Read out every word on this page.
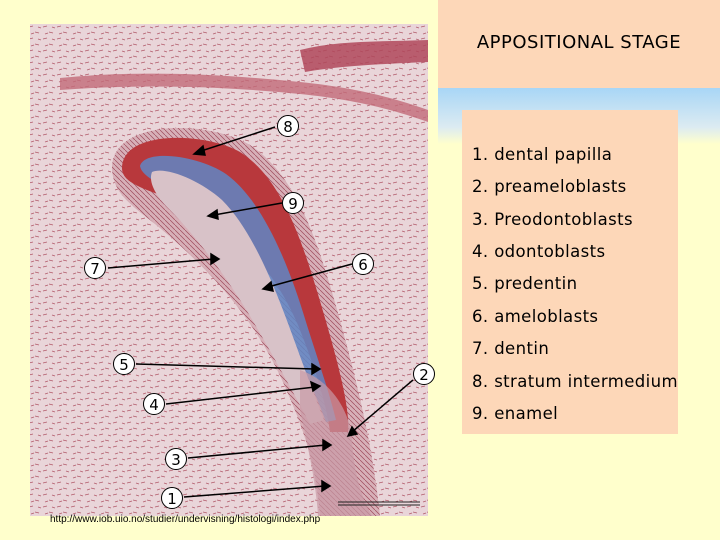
APPOSITIONAL STAGE
1. dental papilla
2. preameloblasts
3. Preodontoblasts
4. odontoblasts
5. predentin
6. ameloblasts
7. dentin
8. stratum intermedium
9. enamel
8
9
6
7
5
2
4
3
1
http://www.iob.uio.no/studier/undervisning/histologi/index.php
